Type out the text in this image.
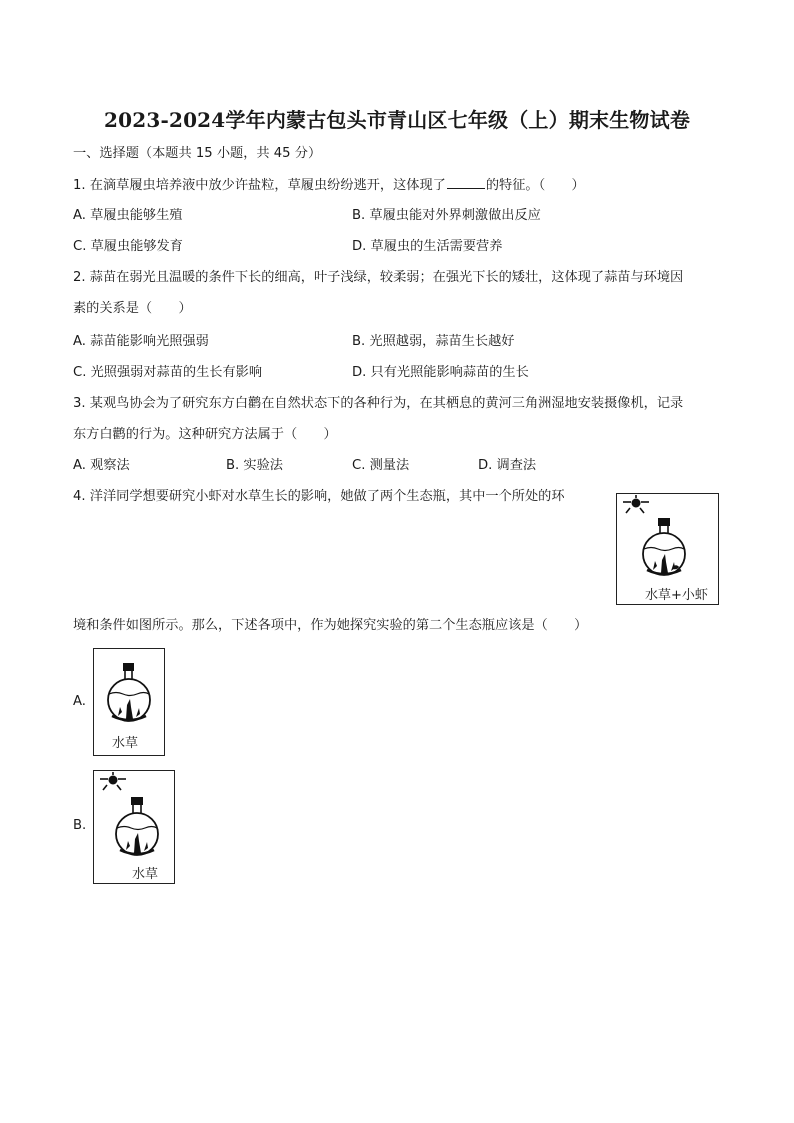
2023-2024学年内蒙古包头市青山区七年级（上）期末生物试卷
一、选择题（本题共 15 小题，共 45 分）
1. 在滴草履虫培养液中放少许盐粒，草履虫纷纷逃开，这体现了	的特征。（　　）
A. 草履虫能够生殖	B. 草履虫能对外界刺激做出反应
C. 草履虫能够发育	D. 草履虫的生活需要营养
2. 蒜苗在弱光且温暖的条件下长的细高，叶子浅绿，较柔弱；在强光下长的矮壮，这体现了蒜苗与环境因
素的关系是（　　）
A. 蒜苗能影响光照强弱	B. 光照越弱，蒜苗生长越好
C. 光照强弱对蒜苗的生长有影响	D. 只有光照能影响蒜苗的生长
3. 某观鸟协会为了研究东方白鹳在自然状态下的各种行为，在其栖息的黄河三角洲湿地安装摄像机，记录
东方白鹳的行为。这种研究方法属于（　　）
A. 观察法	B. 实验法	C. 测量法	D. 调查法
4. 洋洋同学想要研究小虾对水草生长的影响，她做了两个生态瓶，其中一个所处的环
水草+小虾
境和条件如图所示。那么，下述各项中，作为她探究实验的第二个生态瓶应该是（　　）
A.
水草
B.
水草
